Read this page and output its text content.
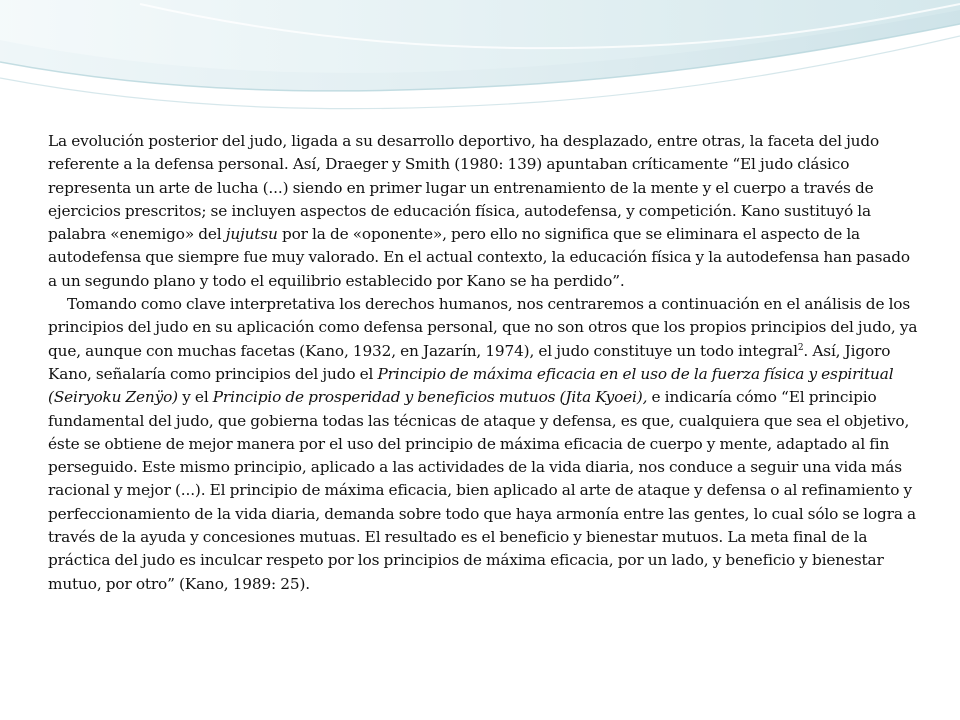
La evolución posterior del judo, ligada a su desarrollo deportivo, ha desplazado, entre otras, la faceta del judo referente a la defensa personal. Así, Draeger y Smith (1980: 139) apuntaban críticamente “El judo clásico representa un arte de lucha (...) siendo en primer lugar un entrenamiento de la mente y el cuerpo a través de ejercicios prescritos; se incluyen aspectos de educación física, autodefensa, y competición. Kano sustituyó la palabra «enemigo» del jujutsu por la de «oponente», pero ello no significa que se eliminara el aspecto de la autodefensa que siempre fue muy valorado. En el actual contexto, la educación física y la autodefensa han pasado a un segundo plano y todo el equilibrio establecido por Kano se ha perdido”.

Tomando como clave interpretativa los derechos humanos, nos centraremos a continuación en el análisis de los principios del judo en su aplicación como defensa personal, que no son otros que los propios principios del judo, ya que, aunque con muchas facetas (Kano, 1932, en Jazarín, 1974), el judo constituye un todo integral$^2$. Así, Jigoro Kano, señalaría como principios del judo el Principio de máxima eficacia en el uso de la fuerza física y espiritual (Seiryoku Zenÿo) y el Principio de prosperidad y beneficios mutuos (Jita Kyoei), e indicaría cómo “El principio fundamental del judo, que gobierna todas las técnicas de ataque y defensa, es que, cualquiera que sea el objetivo, éste se obtiene de mejor manera por el uso del principio de máxima eficacia de cuerpo y mente, adaptado al fin perseguido. Este mismo principio, aplicado a las actividades de la vida diaria, nos conduce a seguir una vida más racional y mejor (...). El principio de máxima eficacia, bien aplicado al arte de ataque y defensa o al refinamiento y perfeccionamiento de la vida diaria, demanda sobre todo que haya armonía entre las gentes, lo cual sólo se logra a través de la ayuda y concesiones mutuas. El resultado es el beneficio y bienestar mutuos. La meta final de la práctica del judo es inculcar respeto por los principios de máxima eficacia, por un lado, y beneficio y bienestar mutuo, por otro” (Kano, 1989: 25).
